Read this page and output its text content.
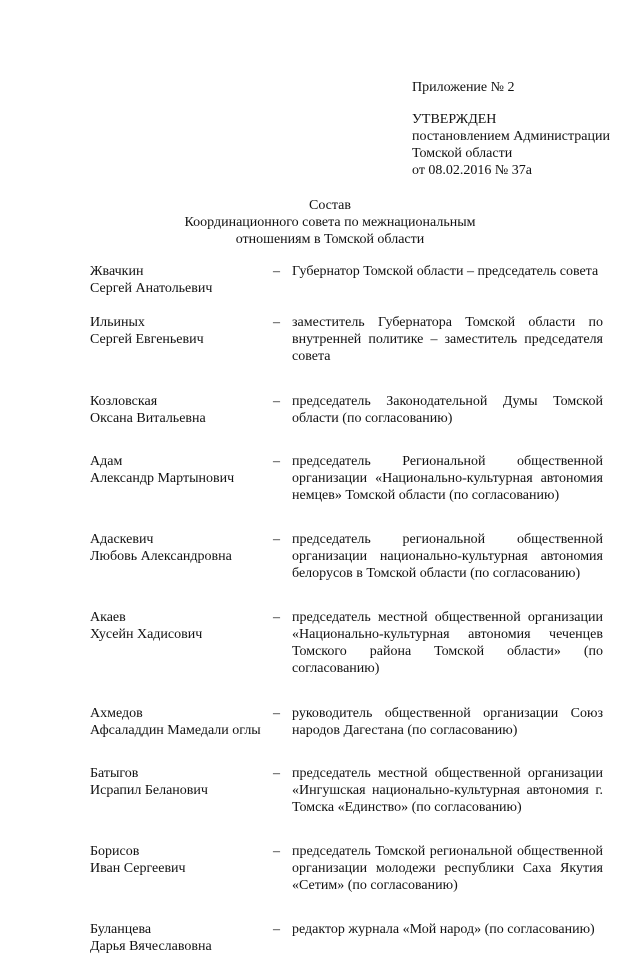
Приложение № 2
УТВЕРЖДЕН
постановлением Администрации
Томской области
от 08.02.2016 № 37а
Состав
Координационного совета по межнациональным
отношениям в Томской области
Жвачкин
Сергей Анатольевич
– Губернатор Томской области – председатель совета
Ильиных
Сергей Евгеньевич
– заместитель Губернатора Томской области по внутренней политике – заместитель председателя совета
Козловская
Оксана Витальевна
– председатель Законодательной Думы Томской области (по согласованию)
Адам
Александр Мартынович
– председатель Региональной общественной организации «Национально-культурная автономия немцев» Томской области (по согласованию)
Адаскевич
Любовь Александровна
– председатель региональной общественной организации национально-культурная автономия белорусов в Томской области (по согласованию)
Акаев
Хусейн Хадисович
– председатель местной общественной организации «Национально-культурная автономия чеченцев Томского района Томской области» (по согласованию)
Ахмедов
Афсаладдин Мамедали оглы
– руководитель общественной организации Союз народов Дагестана (по согласованию)
Батыгов
Исрапил Беланович
– председатель местной общественной организации «Ингушская национально-культурная автономия г. Томска «Единство» (по согласованию)
Борисов
Иван Сергеевич
– председатель Томской региональной общественной организации молодежи республики Саха Якутия «Сетим» (по согласованию)
Буланцева
Дарья Вячеславовна
– редактор журнала «Мой народ» (по согласованию)
